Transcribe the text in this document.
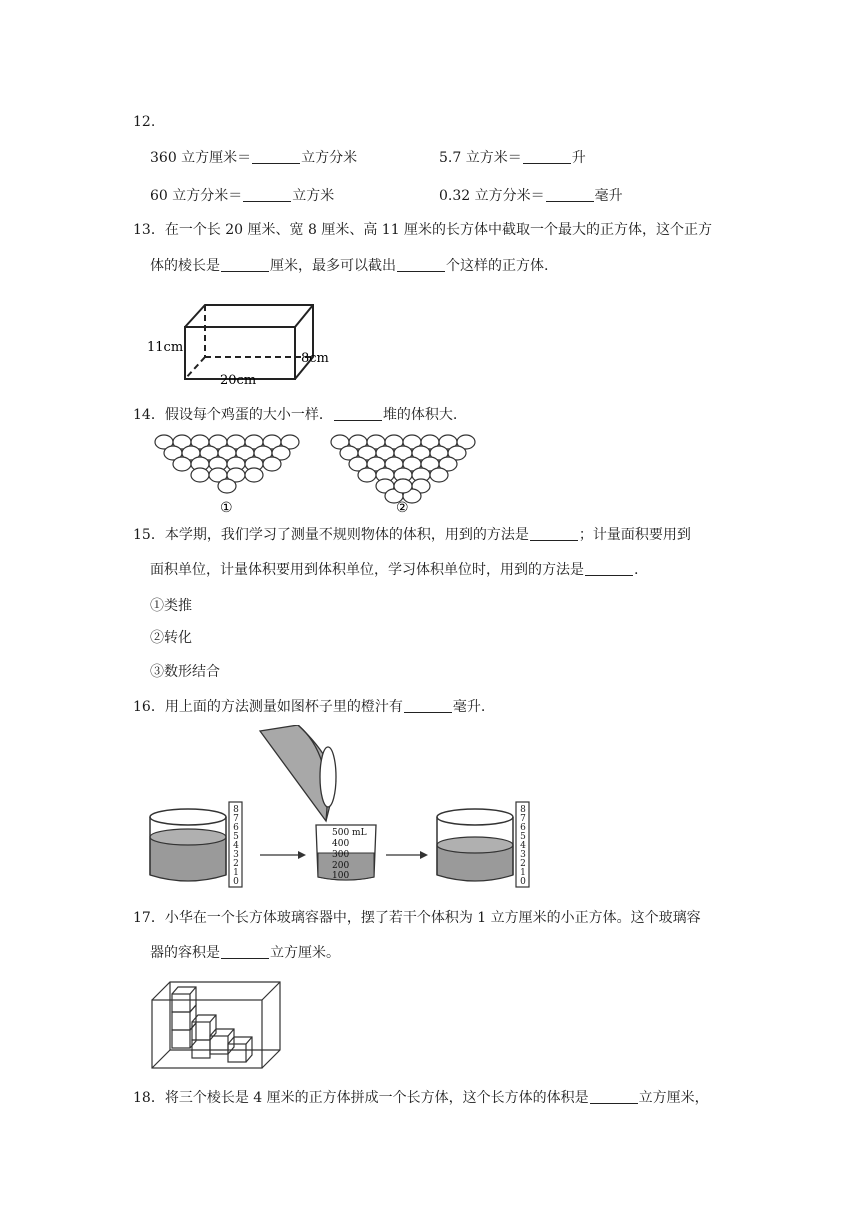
12.
360 立方厘米＝	立方分米	5.7 立方米＝	升
60 立方分米＝	立方米	0.32 立方分米＝	毫升
13．在一个长 20 厘米、宽 8 厘米、高 11 厘米的长方体中截取一个最大的正方体，这个正方
体的棱长是	厘米，最多可以截出	个这样的正方体.
11cm
8cm
20cm
14．假设每个鸡蛋的大小一样．	堆的体积大.
①	②
15．本学期，我们学习了测量不规则物体的体积，用到的方法是	；计量面积要用到
面积单位，计量体积要用到体积单位，学习体积单位时，用到的方法是	.
①类推
②转化
③数形结合
16．用上面的方法测量如图杯子里的橙汁有	毫升.
8
7
6
5
4
3
2
1
0
500 mL
400
300
200
100
8
7
6
5
4
3
2
1
0
17．小华在一个长方体玻璃容器中，摆了若干个体积为 1 立方厘米的小正方体。这个玻璃容
器的容积是	立方厘米。
18．将三个棱长是 4 厘米的正方体拼成一个长方体，这个长方体的体积是	立方厘米，
